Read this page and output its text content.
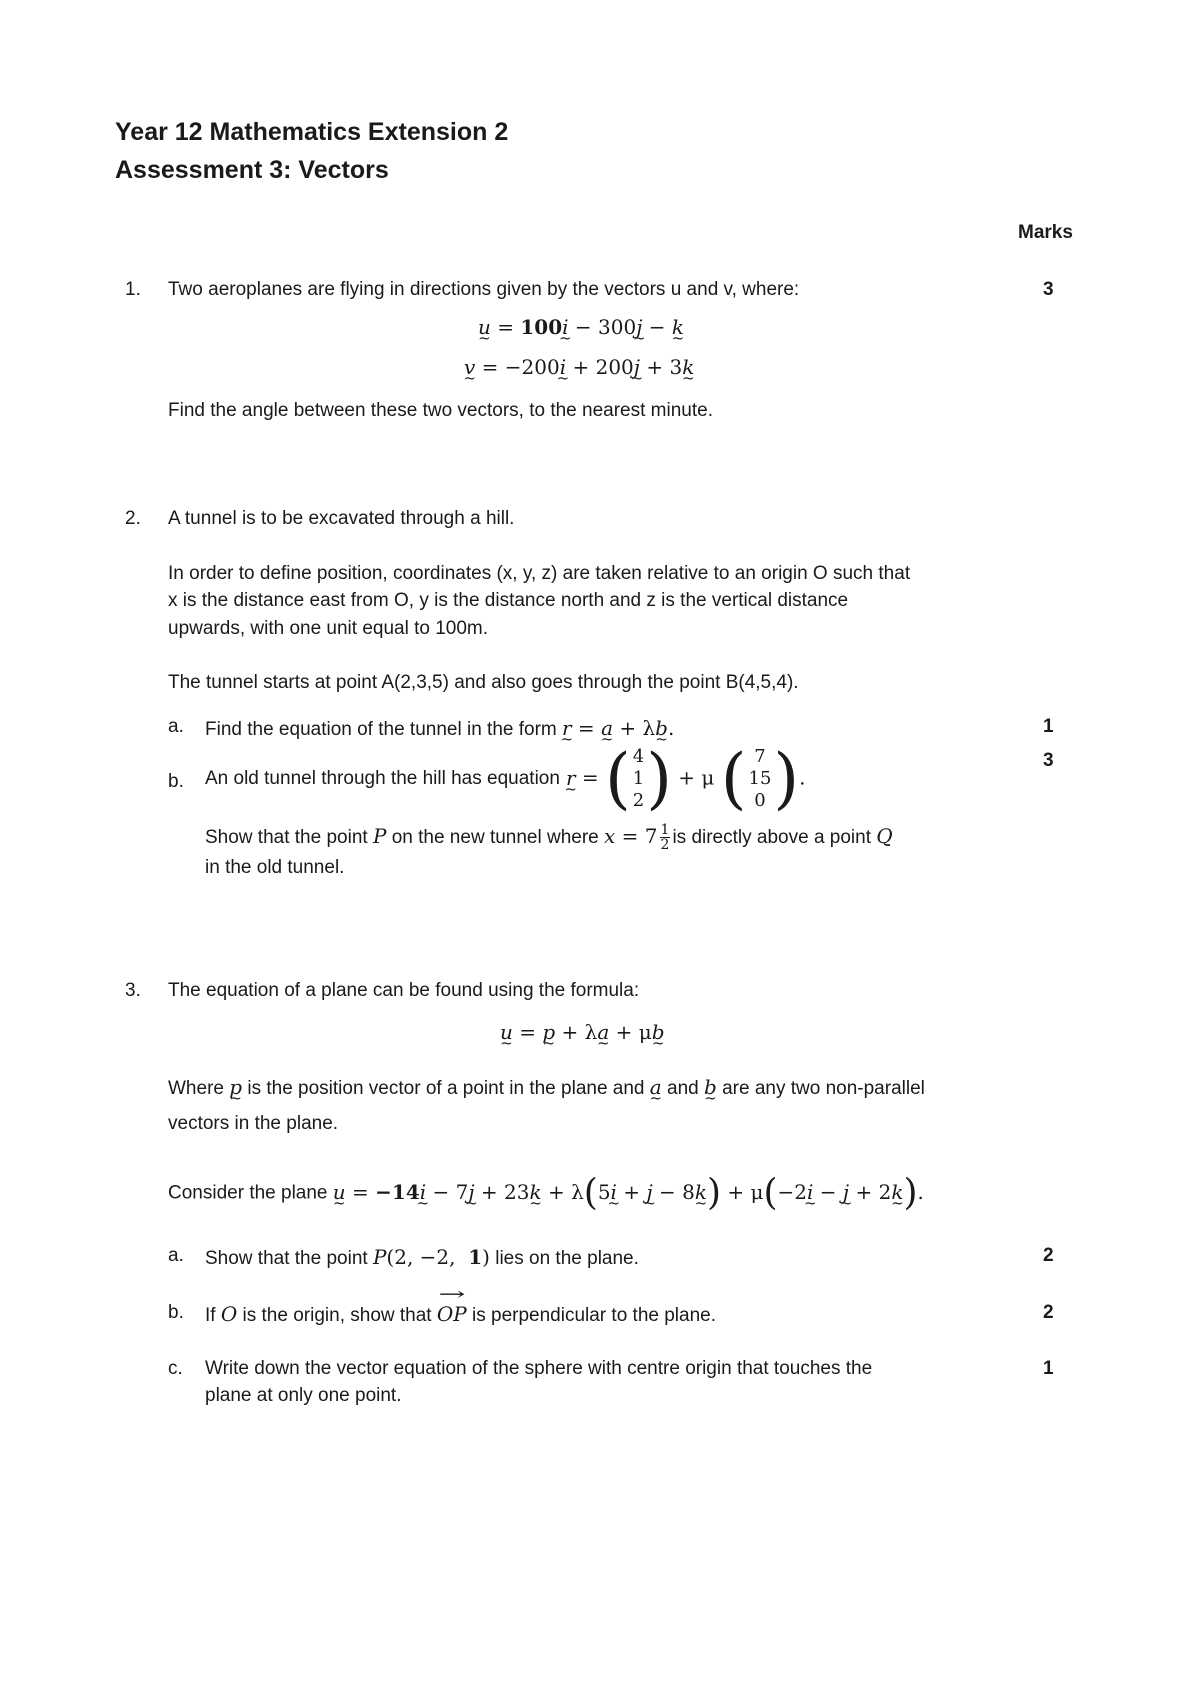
Year 12 Mathematics Extension 2
Assessment 3: Vectors
Marks
1. Two aeroplanes are flying in directions given by the vectors u and v, where:	3
u ~ = 100i ~ − 300j ~ − k ~
v ~ = −200i ~ + 200j ~ + 3k ~
Find the angle between these two vectors, to the nearest minute.
2. A tunnel is to be excavated through a hill.
In order to define position, coordinates (x, y, z) are taken relative to an origin O such that
x is the distance east from O, y is the distance north and z is the vertical distance
upwards, with one unit equal to 100m.
The tunnel starts at point A(2,3,5) and also goes through the point B(4,5,4).
a. Find the equation of the tunnel in the form r ~ = a ~ + λb ~.	1
b. An old tunnel through the hill has equation r ~ = ( 4
1
2 ) + μ ( 7
15
0 ).
3
Show that the point P on the new tunnel where $x = 7 \frac{1}{2}$ is directly above a point Q
in the old tunnel.
3. The equation of a plane can be found using the formula:
u ~ = p ~ + λa ~ + μb ~
Where p ~ is the position vector of a point in the plane and a ~ and b ~ are any two non-parallel
vectors in the plane.
Consider the plane u ~ = −14i ~ − 7j ~ + 23k ~ + λ(5i ~ + j ~ − 8k ~) + μ(−2i ~ − j ~ + 2k ~).
a. Show that the point P(2, −2,  1) lies on the plane.	2
b. If O is the origin, show that → OP is perpendicular to the plane.	2
c. Write down the vector equation of the sphere with centre origin that touches the
plane at only one point.
1
